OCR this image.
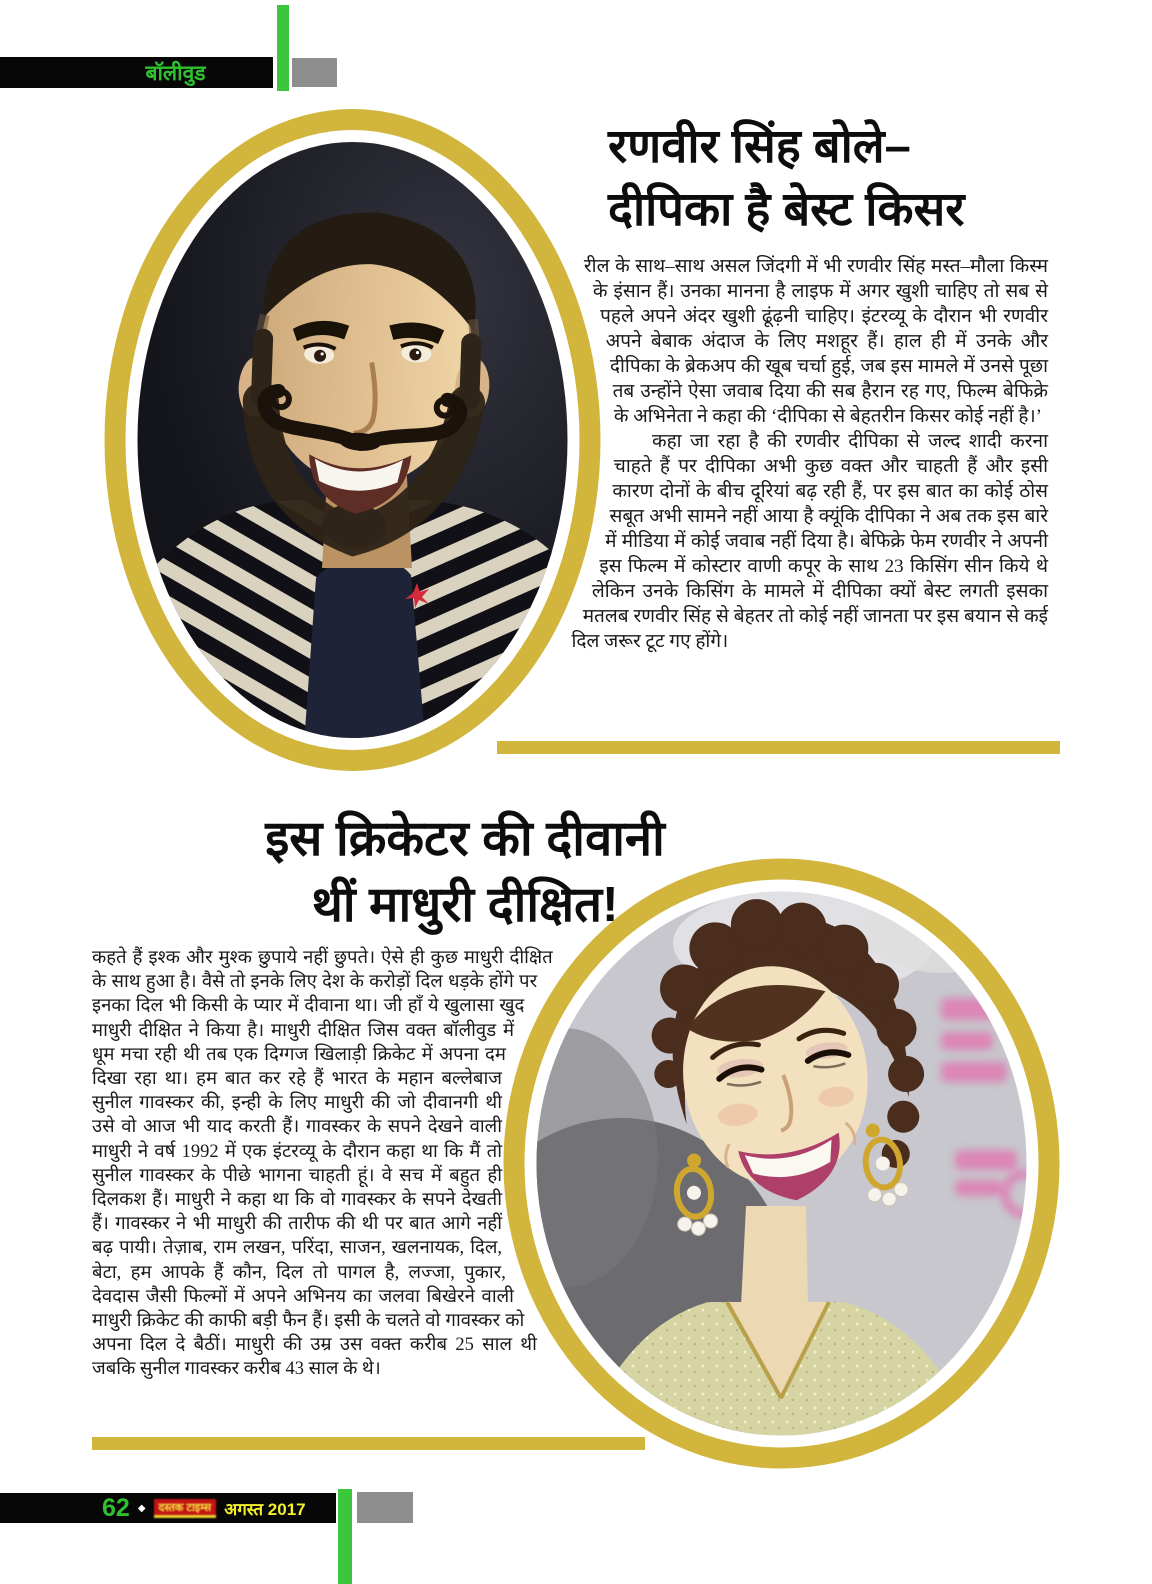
बॉलीवुड
रणवीर सिंह बोले–
दीपिका है बेस्ट किसर

रील के साथ–साथ असल जिंदगी में भी रणवीर सिंह मस्त–मौला किस्म के इंसान हैं। उनका मानना है लाइफ में अगर खुशी चाहिए तो सब से पहले अपने अंदर खुशी ढूंढ़नी चाहिए। इंटरव्यू के दौरान भी रणवीर अपने बेबाक अंदाज के लिए मशहूर हैं। हाल ही में उनके और दीपिका के ब्रेकअप की खूब चर्चा हुई, जब इस मामले में उनसे पूछा तब उन्होंने ऐसा जवाब दिया की सब हैरान रह गए, फिल्म बेफिक्रे के अभिनेता ने कहा की ‘दीपिका से बेहतरीन किसर कोई नहीं है।’

कहा जा रहा है की रणवीर दीपिका से जल्द शादी करना चाहते हैं पर दीपिका अभी कुछ वक्त और चाहती हैं और इसी कारण दोनों के बीच दूरियां बढ़ रही हैं, पर इस बात का कोई ठोस सबूत अभी सामने नहीं आया है क्यूंकि दीपिका ने अब तक इस बारे में मीडिया में कोई जवाब नहीं दिया है। बेफिक्रे फेम रणवीर ने अपनी इस फिल्म में कोस्टार वाणी कपूर के साथ 23 किसिंग सीन किये थे लेकिन उनके किसिंग के मामले में दीपिका क्यों बेस्ट लगती इसका मतलब रणवीर सिंह से बेहतर तो कोई नहीं जानता पर इस बयान से कई दिल जरूर टूट गए होंगे।

इस क्रिकेटर की दीवानी
थीं माधुरी दीक्षित!

कहते हैं इश्क और मुश्क छुपाये नहीं छुपते। ऐसे ही कुछ माधुरी दीक्षित के साथ हुआ है। वैसे तो इनके लिए देश के करोड़ों दिल धड़के होंगे पर इनका दिल भी किसी के प्यार में दीवाना था। जी हाँ ये खुलासा खुद माधुरी दीक्षित ने किया है। माधुरी दीक्षित जिस वक्त बॉलीवुड में धूम मचा रही थी तब एक दिग्गज खिलाड़ी क्रिकेट में अपना दम दिखा रहा था। हम बात कर रहे हैं भारत के महान बल्लेबाज सुनील गावस्कर की, इन्ही के लिए माधुरी की जो दीवानगी थी उसे वो आज भी याद करती हैं। गावस्कर के सपने देखने वाली माधुरी ने वर्ष 1992 में एक इंटरव्यू के दौरान कहा था कि मैं तो सुनील गावस्कर के पीछे भागना चाहती हूं। वे सच में बहुत ही दिलकश हैं। माधुरी ने कहा था कि वो गावस्कर के सपने देखती हैं। गावस्कर ने भी माधुरी की तारीफ की थी पर बात आगे नहीं बढ़ पायी। तेज़ाब, राम लखन, परिंदा, साजन, खलनायक, दिल, बेटा, हम आपके हैं कौन, दिल तो पागल है, लज्जा, पुकार, देवदास जैसी फिल्मों में अपने अभिनय का जलवा बिखेरने वाली माधुरी क्रिकेट की काफी बड़ी फैन हैं। इसी के चलते वो गावस्कर को अपना दिल दे बैठीं। माधुरी की उम्र उस वक्त करीब 25 साल थी जबकि सुनील गावस्कर करीब 43 साल के थे।

62 ◆	दस्तक टाइम्स अगस्त 2017
